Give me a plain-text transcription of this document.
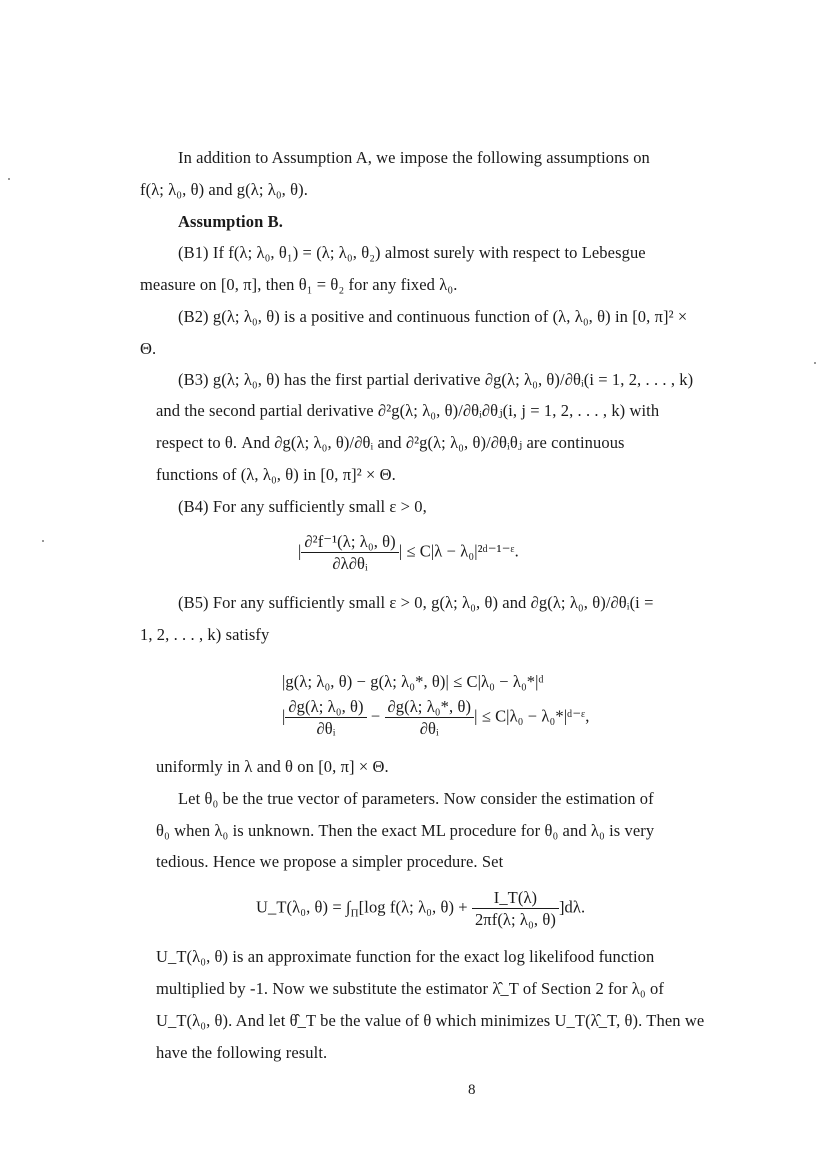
In addition to Assumption A, we impose the following assumptions on
f(λ; λ₀, θ) and g(λ; λ₀, θ).
Assumption B.
(B1) If f(λ; λ₀, θ₁) = (λ; λ₀, θ₂) almost surely with respect to Lebesgue
measure on [0, π], then θ₁ = θ₂ for any fixed λ₀.
(B2) g(λ; λ₀, θ) is a positive and continuous function of (λ, λ₀, θ) in [0, π]² ×
Θ.
(B3) g(λ; λ₀, θ) has the first partial derivative ∂g(λ; λ₀, θ)/∂θᵢ(i = 1, 2, . . . , k)
and the second partial derivative ∂²g(λ; λ₀, θ)/∂θᵢ∂θⱼ(i, j = 1, 2, . . . , k) with
respect to θ. And ∂g(λ; λ₀, θ)/∂θᵢ and ∂²g(λ; λ₀, θ)/∂θᵢθⱼ are continuous
functions of (λ, λ₀, θ) in [0, π]² × Θ.
(B4) For any sufficiently small ε > 0,
| $\frac{\text{∂²f⁻¹(λ; λ₀, θ)}}{\text{∂λ∂θᵢ}}$ | ≤ C|λ − λ₀|²ᵈ⁻¹⁻ᵋ.
(B5) For any sufficiently small ε > 0, g(λ; λ₀, θ) and ∂g(λ; λ₀, θ)/∂θᵢ(i =
1, 2, . . . , k) satisfy
|g(λ; λ₀, θ) − g(λ; λ₀*, θ)| ≤ C|λ₀ − λ₀*|ᵈ
| $\frac{\text{∂g(λ; λ₀, θ)}}{\text{∂θᵢ}} - \frac{\text{∂g(λ; λ₀*, θ)}}{\text{∂θᵢ}}$ | ≤ C|λ₀ − λ₀*|ᵈ⁻ᵋ,
uniformly in λ and θ on [0, π] × Θ.
Let θ₀ be the true vector of parameters. Now consider the estimation of
θ₀ when λ₀ is unknown. Then the exact ML procedure for θ₀ and λ₀ is very
tedious. Hence we propose a simpler procedure. Set
U_T(λ₀, $\theta) = \int_\Pi[\log$ f(λ; λ₀, $\theta) + \frac{I\_T(\lambda)}{\text{2πf(λ; λ₀, θ)}} ]d\lambda$.
U_T(λ₀, θ) is an approximate function for the exact log likelifood function
multiplied by -1. Now we substitute the estimator λ̂_T of Section 2 for λ₀ of
U_T(λ₀, θ). And let θ̂_T be the value of θ which minimizes U_T(λ̂_T, θ). Then we
have the following result.
8
